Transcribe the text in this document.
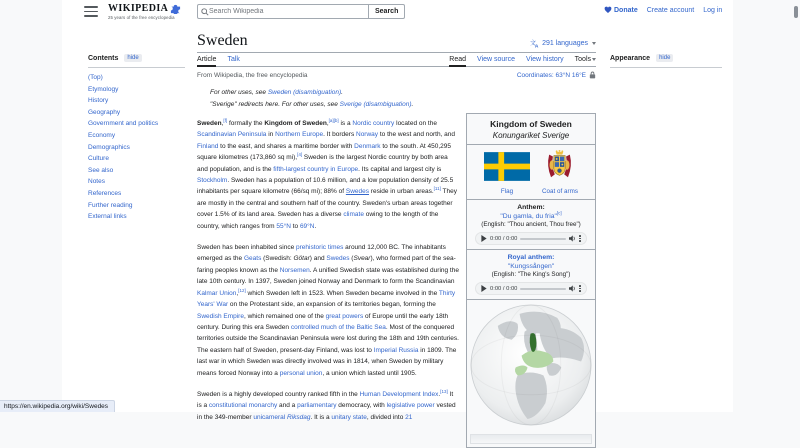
WIKIPEDIA
25 years of the free encyclopedia
Search Wikipedia
Search	Donate Create account Log in
Contents	hide
(Top)
Etymology
History
Geography
Government and politics
Economy
Demographics
Culture
See also
Notes
References
Further reading
External links
Appearance	hide
Sweden	文
A
291 languages
Article Talk	Read View source View history Tools
From Wikipedia, the free encyclopedia	Coordinates: 63°N 16°E
For other uses, see Sweden (disambiguation).
"Sverige" redirects here. For other uses, see Sverige (disambiguation).

Sweden,[f] formally the Kingdom of Sweden,[a][b] is a Nordic country located on the Scandinavian Peninsula in Northern Europe. It borders Norway to the west and north, and Finland to the east, and shares a maritime border with Denmark to the south. At 450,295 square kilometres (173,860 sq mi),[4] Sweden is the largest Nordic country by both area and population, and is the fifth-largest country in Europe. Its capital and largest city is Stockholm. Sweden has a population of 10.6 million, and a low population density of 25.5 inhabitants per square kilometre (66/sq mi); 88% of Swedes reside in urban areas.[11] They are mostly in the central and southern half of the country. Sweden's urban areas together cover 1.5% of its land area. Sweden has a diverse climate owing to the length of the country, which ranges from 55°N to 69°N.

Sweden has been inhabited since prehistoric times around 12,000 BC. The inhabitants emerged as the Geats (Swedish: Götar) and Swedes (Svear), who formed part of the sea-faring peoples known as the Norsemen. A unified Swedish state was established during the late 10th century. In 1397, Sweden joined Norway and Denmark to form the Scandinavian Kalmar Union,[12] which Sweden left in 1523. When Sweden became involved in the Thirty Years' War on the Protestant side, an expansion of its territories began, forming the Swedish Empire, which remained one of the great powers of Europe until the early 18th century. During this era Sweden controlled much of the Baltic Sea. Most of the conquered territories outside the Scandinavian Peninsula were lost during the 18th and 19th centuries. The eastern half of Sweden, present-day Finland, was lost to Imperial Russia in 1809. The last war in which Sweden was directly involved was in 1814, when Sweden by military means forced Norway into a personal union, a union which lasted until 1905.

Sweden is a highly developed country ranked fifth in the Human Development Index.[13] It is a constitutional monarchy and a parliamentary democracy, with legislative power vested in the 349-member unicameral Riksdag. It is a unitary state, divided into 21

Kingdom of Sweden
Konungariket Sverige
Flag	Coat of arms
Anthem:
"Du gamla, du fria"[c]
(English: "Thou ancient, Thou free")
0:00 / 0:00
Royal anthem:
"Kungssången"
(English: "The King's Song")
0:00 / 0:00
https://en.wikipedia.org/wiki/Swedes
